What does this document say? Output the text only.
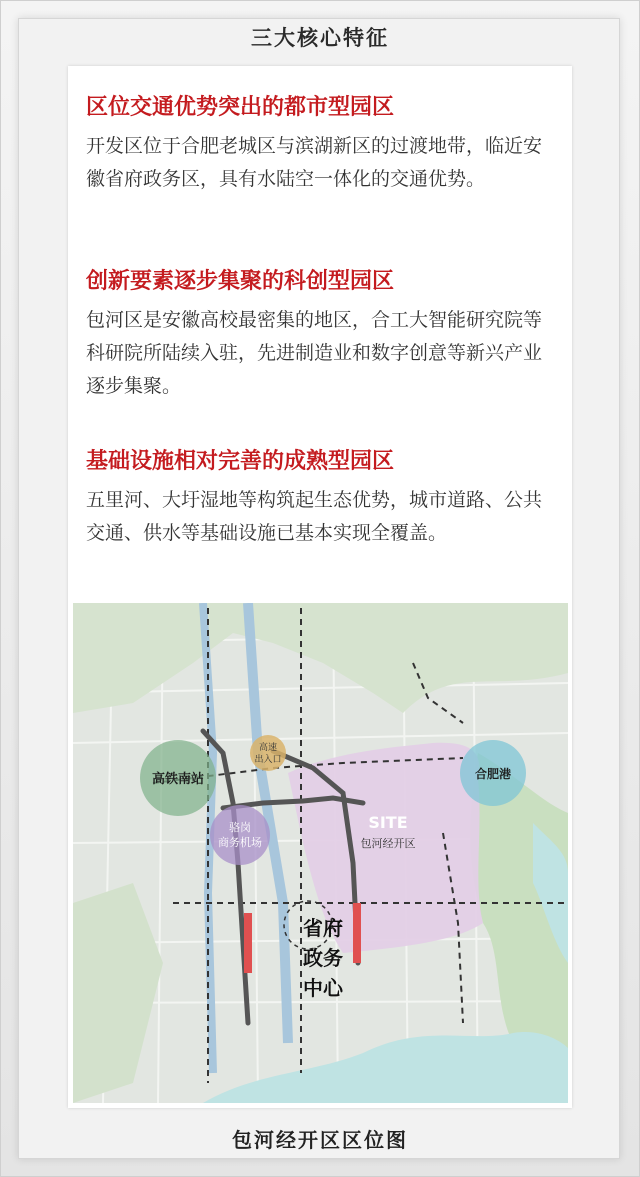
三大核心特征
区位交通优势突出的都市型园区

开发区位于合肥老城区与滨湖新区的过渡地带，临近安徽省府政务区，具有水陆空一体化的交通优势。

创新要素逐步集聚的科创型园区

包河区是安徽高校最密集的地区，合工大智能研究院等科研院所陆续入驻，先进制造业和数字创意等新兴产业逐步集聚。

基础设施相对完善的成熟型园区

五里河、大圩湿地等构筑起生态优势，城市道路、公共交通、供水等基础设施已基本实现全覆盖。

高铁南站
高速
出入口
骆岗
商务机场
SITE
包河经开区
合肥港
省府
政务
中心
包河经开区区位图
